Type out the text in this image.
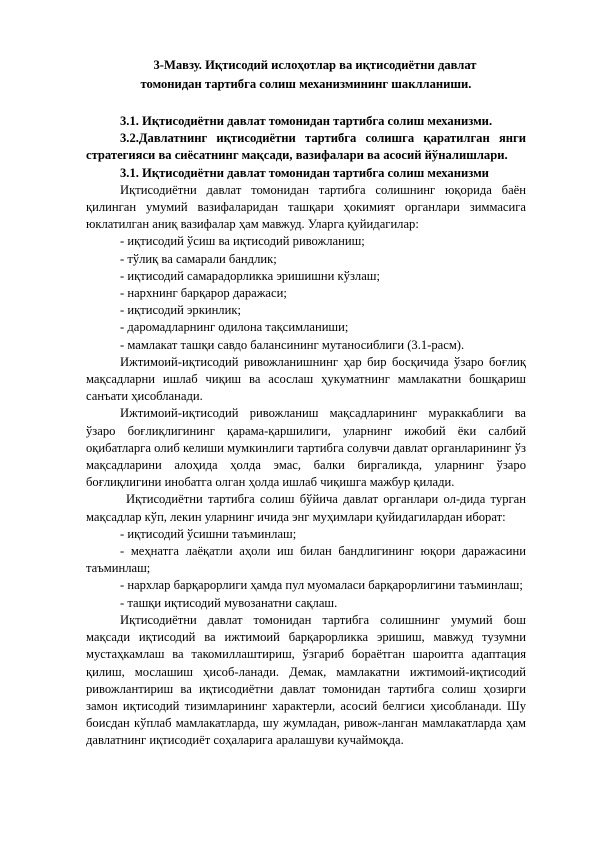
3-Мавзу. Иқтисодий ислоҳотлар ва иқтисодиётни давлат
томонидан тартибга солиш механизмининг шаклланиши.

3.1. Иқтисодиётни давлат томонидан тартибга солиш механизми.

3.2.Давлатнинг иқтисодиётни тартибга солишга қаратилган янги стратегияси ва сиёсатнинг мақсади, вазифалари ва асосий йўналишлари.

3.1. Иқтисодиётни давлат томонидан тартибга солиш механизми

Иқтисодиётни давлат томонидан тартибга солишнинг юқорида баён қилинган умумий вазифаларидан ташқари ҳокимият органлари зиммасига юклатилган аниқ вазифалар ҳам мавжуд. Уларга қуйидагилар:

- иқтисодий ўсиш ва иқтисодий ривожланиш;

- тўлиқ ва самарали бандлик;

- иқтисодий самарадорликка эришишни кўзлаш;

- нархнинг барқарор даражаси;

- иқтисодий эркинлик;

- даромадларнинг одилона тақсимланиши;

- мамлакат ташқи савдо балансининг мутаносиблиги (3.1-расм).

Ижтимоий-иқтисодий ривожланишнинг ҳар бир босқичида ўзаро боғлиқ мақсадларни ишлаб чиқиш ва асослаш ҳукуматнинг мамлакатни бошқариш санъати ҳисобланади.

Ижтимоий-иқтисодий ривожланиш мақсадларининг мураккаблиги ва ўзаро боғлиқлигининг қарама-қаршилиги, уларнинг ижобий ёки салбий оқибатларга олиб келиши мумкинлиги тартибга солувчи давлат органларининг ўз мақсадларини алоҳида ҳолда эмас, балки биргаликда, уларнинг ўзаро боғлиқлигини инобатга олган ҳолда ишлаб чиқишга мажбур қилади.

Иқтисодиётни тартибга солиш бўйича давлат органлари ол-дида турган мақсадлар кўп, лекин уларнинг ичида энг муҳимлари қуйидагилардан иборат:

- иқтисодий ўсишни таъминлаш;

- меҳнатга лаёқатли аҳоли иш билан бандлигининг юқори даражасини таъминлаш;

- нархлар барқарорлиги ҳамда пул муомаласи барқарорлигини таъминлаш;

- ташқи иқтисодий мувозанатни сақлаш.

Иқтисодиётни давлат томонидан тартибга солишнинг умумий бош мақсади иқтисодий ва ижтимоий барқарорликка эришиш, мавжуд тузумни мустаҳкамлаш ва такомиллаштириш, ўзгариб бораётган шароитга адаптация қилиш, мослашиш ҳисоб-ланади. Демак, мамлакатни ижтимоий-иқтисодий ривожлантириш ва иқтисодиётни давлат томонидан тартибга солиш ҳозирги замон иқтисодий тизимларининг характерли, асосий белгиси ҳисобланади. Шу боисдан кўплаб мамлакатларда, шу жумладан, ривож-ланган мамлакатларда ҳам давлатнинг иқтисодиёт соҳаларига аралашуви кучаймоқда.
